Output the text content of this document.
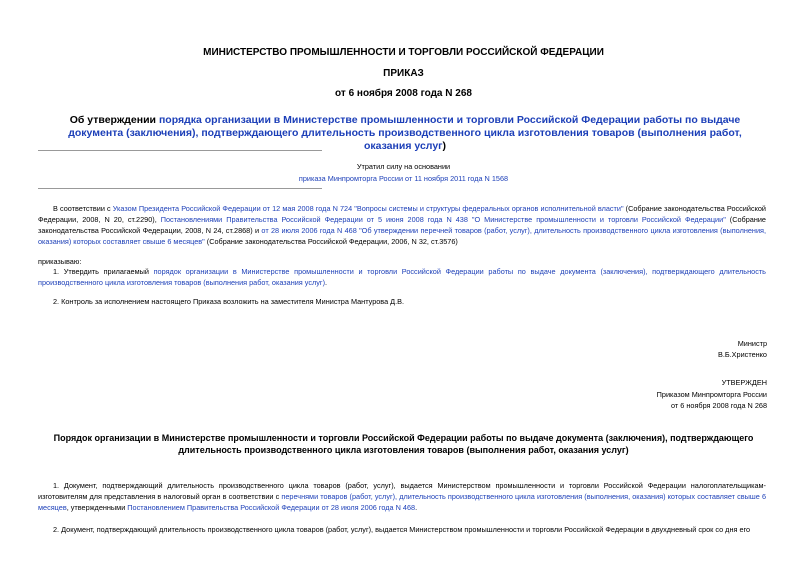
МИНИСТЕРСТВО ПРОМЫШЛЕННОСТИ И ТОРГОВЛИ РОССИЙСКОЙ ФЕДЕРАЦИИ
ПРИКАЗ
от 6 ноября 2008 года N 268
Об утверждении порядка организации в Министерстве промышленности и торговли Российской Федерации работы по выдаче документа (заключения), подтверждающего длительность производственного цикла изготовления товаров (выполнения работ, оказания услуг)
Утратил силу на основании
приказа Минпромторга России от 11 ноября 2011 года N 1568
В соответствии с Указом Президента Российской Федерации от 12 мая 2008 года N 724 "Вопросы системы и структуры федеральных органов исполнительной власти" (Собрание законодательства Российской Федерации, 2008, N 20, ст.2290), Постановлениями Правительства Российской Федерации от 5 июня 2008 года N 438 "О Министерстве промышленности и торговли Российской Федерации" (Собрание законодательства Российской Федерации, 2008, N 24, ст.2868) и от 28 июля 2006 года N 468 "Об утверждении перечней товаров (работ, услуг), длительность производственного цикла изготовления (выполнения, оказания) которых составляет свыше 6 месяцев" (Собрание законодательства Российской Федерации, 2006, N 32, ст.3576)
приказываю:
1. Утвердить прилагаемый порядок организации в Министерстве промышленности и торговли Российской Федерации работы по выдаче документа (заключения), подтверждающего длительность производственного цикла изготовления товаров (выполнения работ, оказания услуг).
2. Контроль за исполнением настоящего Приказа возложить на заместителя Министра Мантурова Д.В.
Министр
В.Б.Христенко
УТВЕРЖДЕН
Приказом Минпромторга России
от 6 ноября 2008 года N 268
Порядок организации в Министерстве промышленности и торговли Российской Федерации работы по выдаче документа (заключения), подтверждающего длительность производственного цикла изготовления товаров (выполнения работ, оказания услуг)
1. Документ, подтверждающий длительность производственного цикла товаров (работ, услуг), выдается Министерством промышленности и торговли Российской Федерации налогоплательщикам-изготовителям для представления в налоговый орган в соответствии с перечнями товаров (работ, услуг), длительность производственного цикла изготовления (выполнения, оказания) которых составляет свыше 6 месяцев, утвержденными Постановлением Правительства Российской Федерации от 28 июля 2006 года N 468.
2. Документ, подтверждающий длительность производственного цикла товаров (работ, услуг), выдается Министерством промышленности и торговли Российской Федерации в двухдневный срок со дня его
